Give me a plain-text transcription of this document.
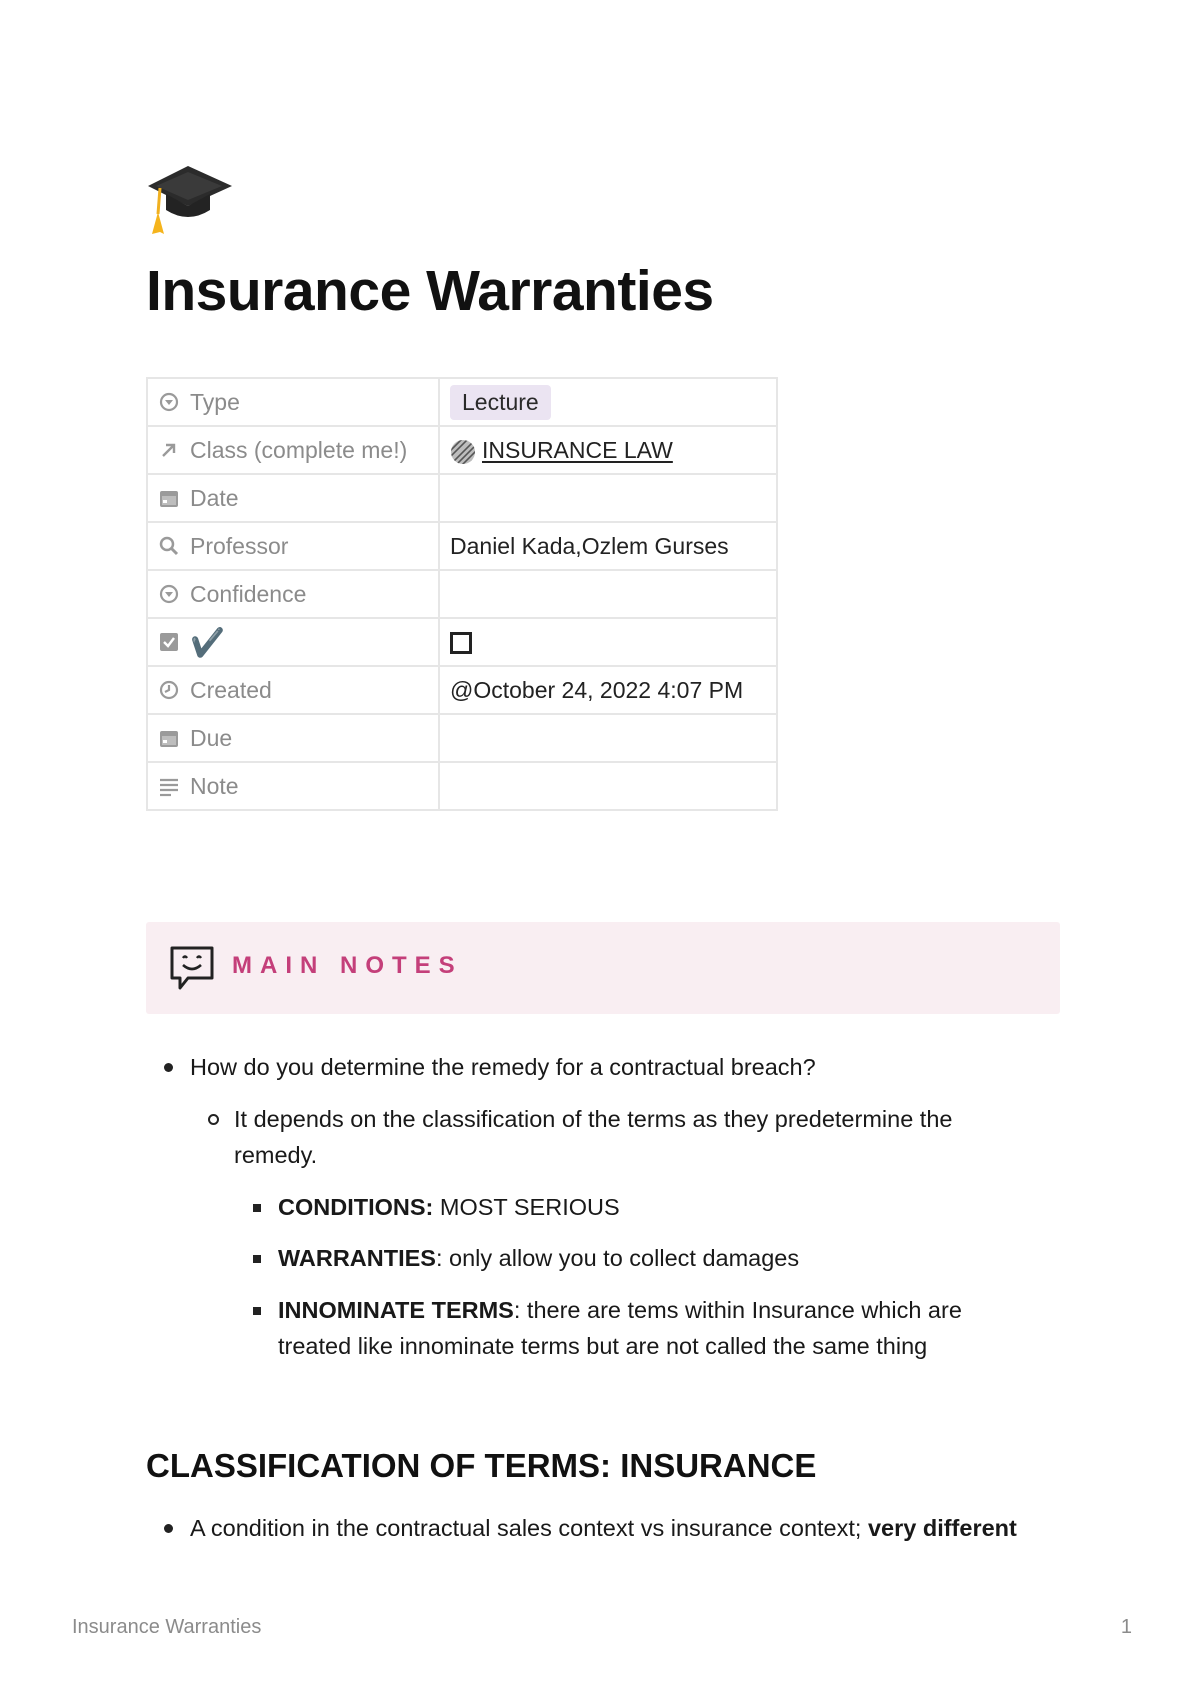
Insurance Warranties
Type	Lecture

Class (complete me!)	INSURANCE LAW

Date	

Professor	Daniel Kada,Ozlem Gurses

Confidence	

✔️	

Created	@October 24, 2022 4:07 PM

Due	

Note	

MAIN NOTES
How do you determine the remedy for a contractual breach?
It depends on the classification of the terms as they predetermine the remedy.
CONDITIONS: MOST SERIOUS
WARRANTIES: only allow you to collect damages
INNOMINATE TERMS: there are tems within Insurance which are treated like innominate terms but are not called the same thing
CLASSIFICATION OF TERMS: INSURANCE
A condition in the contractual sales context vs insurance context; very different
Insurance Warranties	1
